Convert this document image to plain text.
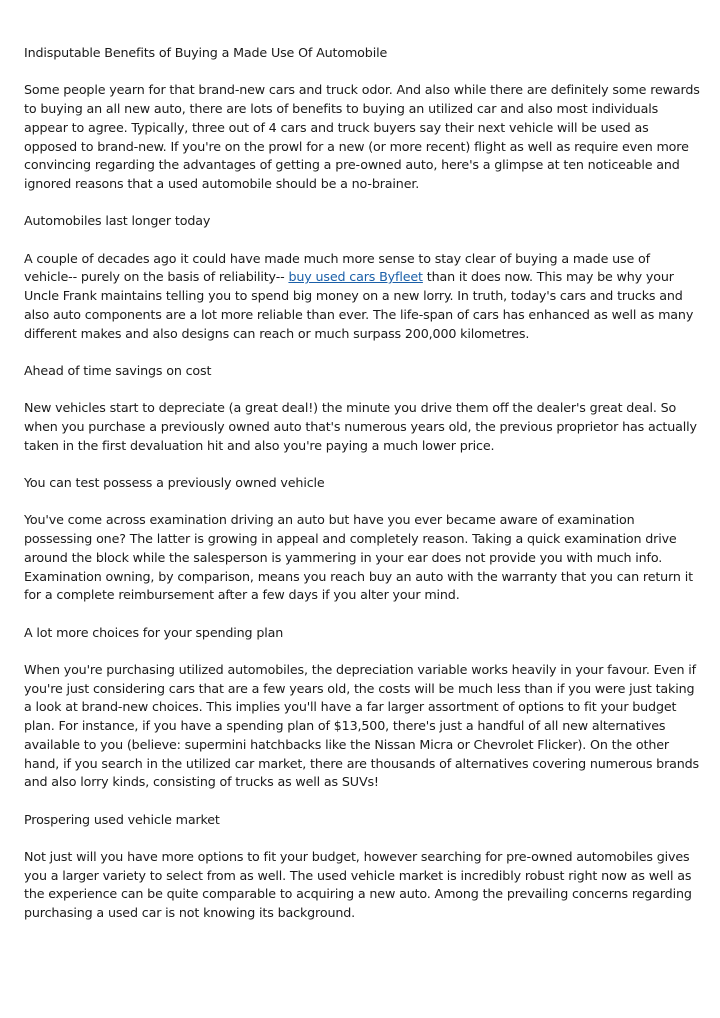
Indisputable Benefits of Buying a Made Use Of Automobile

Some people yearn for that brand-new cars and truck odor. And also while there are definitely some rewards to buying an all new auto, there are lots of benefits to buying an utilized car and also most individuals appear to agree. Typically, three out of 4 cars and truck buyers say their next vehicle will be used as opposed to brand-new. If you're on the prowl for a new (or more recent) flight as well as require even more convincing regarding the advantages of getting a pre-owned auto, here's a glimpse at ten noticeable and ignored reasons that a used automobile should be a no-brainer.

Automobiles last longer today

A couple of decades ago it could have made much more sense to stay clear of buying a made use of vehicle-- purely on the basis of reliability-- buy used cars Byfleet than it does now. This may be why your Uncle Frank maintains telling you to spend big money on a new lorry. In truth, today's cars and trucks and also auto components are a lot more reliable than ever. The life-span of cars has enhanced as well as many different makes and also designs can reach or much surpass 200,000 kilometres.

Ahead of time savings on cost

New vehicles start to depreciate (a great deal!) the minute you drive them off the dealer's great deal. So when you purchase a previously owned auto that's numerous years old, the previous proprietor has actually taken in the first devaluation hit and also you're paying a much lower price.

You can test possess a previously owned vehicle

You've come across examination driving an auto but have you ever became aware of examination possessing one? The latter is growing in appeal and completely reason. Taking a quick examination drive around the block while the salesperson is yammering in your ear does not provide you with much info. Examination owning, by comparison, means you reach buy an auto with the warranty that you can return it for a complete reimbursement after a few days if you alter your mind.

A lot more choices for your spending plan

When you're purchasing utilized automobiles, the depreciation variable works heavily in your favour. Even if you're just considering cars that are a few years old, the costs will be much less than if you were just taking a look at brand-new choices. This implies you'll have a far larger assortment of options to fit your budget plan. For instance, if you have a spending plan of $13,500, there's just a handful of all new alternatives available to you (believe: supermini hatchbacks like the Nissan Micra or Chevrolet Flicker). On the other hand, if you search in the utilized car market, there are thousands of alternatives covering numerous brands and also lorry kinds, consisting of trucks as well as SUVs!

Prospering used vehicle market

Not just will you have more options to fit your budget, however searching for pre-owned automobiles gives you a larger variety to select from as well. The used vehicle market is incredibly robust right now as well as the experience can be quite comparable to acquiring a new auto. Among the prevailing concerns regarding purchasing a used car is not knowing its background.
